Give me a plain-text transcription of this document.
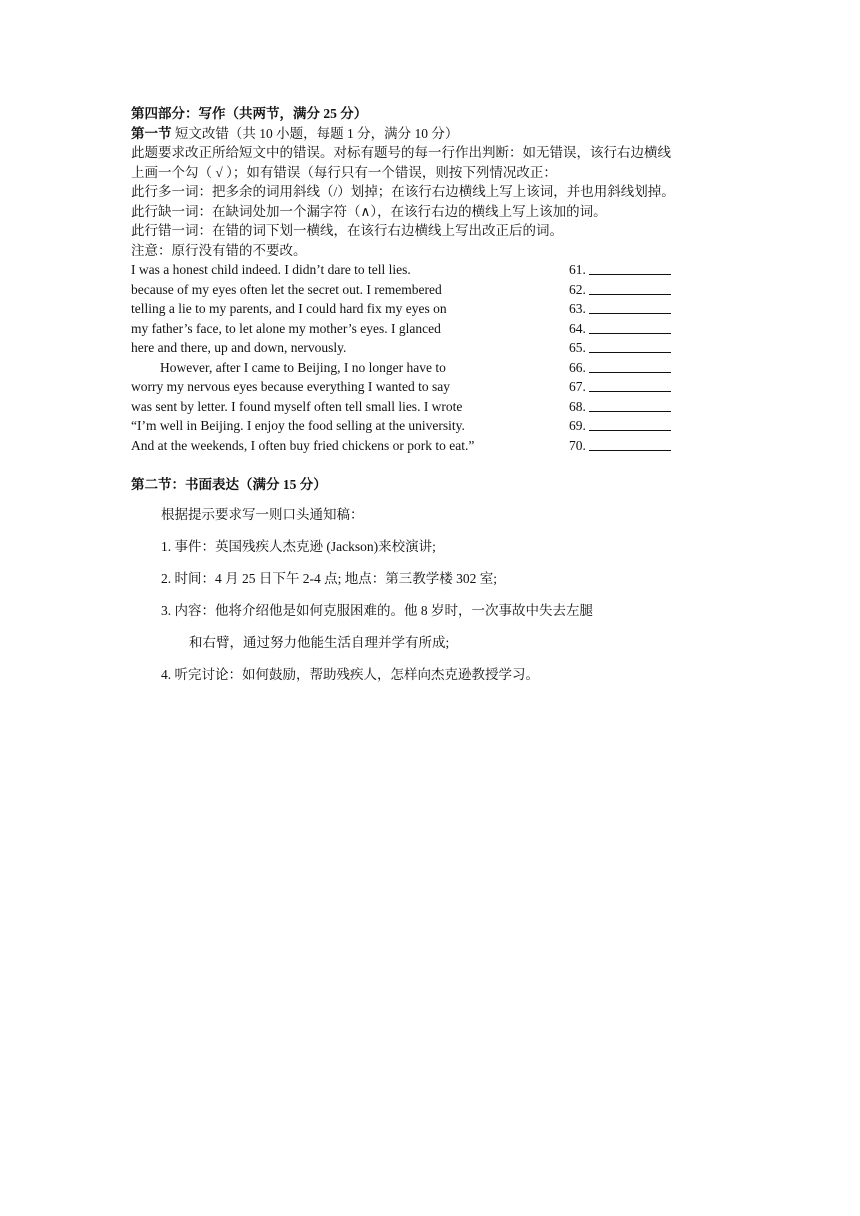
第四部分：写作（共两节，满分 25 分）
第一节 短文改错（共 10 小题，每题 1 分，满分 10 分）
此题要求改正所给短文中的错误。对标有题号的每一行作出判断：如无错误，该行右边横线
上画一个勾（ √ ）；如有错误（每行只有一个错误，则按下列情况改正：
此行多一词：把多余的词用斜线（/）划掉；在该行右边横线上写上该词，并也用斜线划掉。
此行缺一词：在缺词处加一个漏字符（∧），在该行右边的横线上写上该加的词。
此行错一词：在错的词下划一横线，在该行右边横线上写出改正后的词。
注意：原行没有错的不要改。
I was a honest child indeed. I didn’t dare to tell lies.	61.
because of my eyes often let the secret out. I remembered	62.
telling a lie to my parents, and I could hard fix my eyes on	63.
my father’s face, to let alone my mother’s eyes. I glanced	64.
here and there, up and down, nervously.	65.
However, after I came to Beijing, I no longer have to	66.
worry my nervous eyes because everything I wanted to say	67.
was sent by letter. I found myself often tell small lies. I wrote	68.
“I’m well in Beijing. I enjoy the food selling at the university.	69.
And at the weekends, I often buy fried chickens or pork to eat.”	70.
第二节：书面表达（满分 15 分）
根据提示要求写一则口头通知稿：
1. 事件：英国残疾人杰克逊 (Jackson)来校演讲;
2. 时间：4 月 25 日下午 2-4 点; 地点：第三教学楼 302 室;
3. 内容：他将介绍他是如何克服困难的。他 8 岁时，一次事故中失去左腿
和右臂，通过努力他能生活自理并学有所成;
4. 听完讨论：如何鼓励，帮助残疾人，怎样向杰克逊教授学习。
